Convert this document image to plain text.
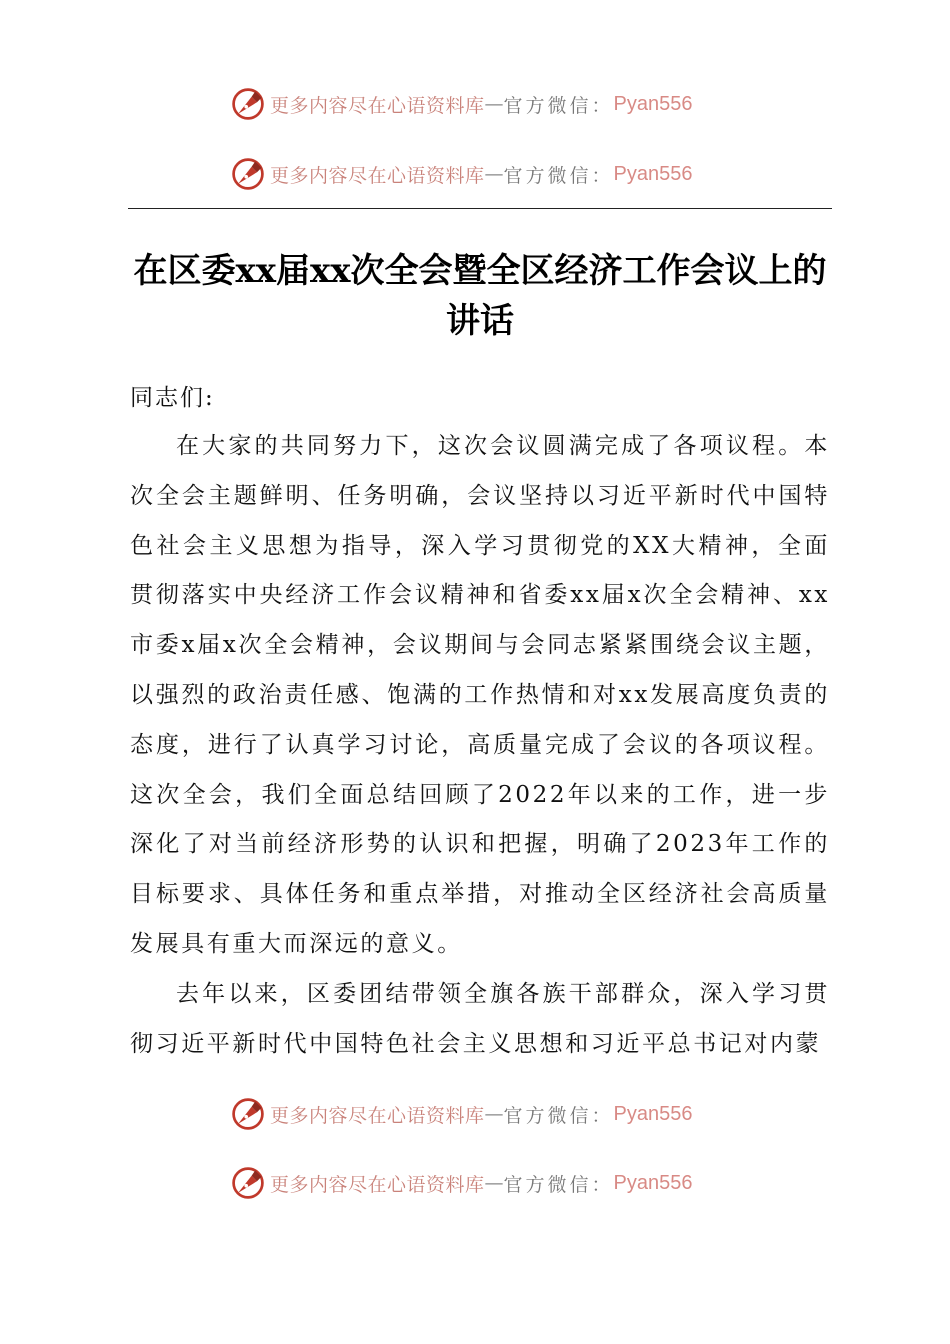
更多内容尽在心语资料库 — 官方微信： Pyan556
更多内容尽在心语资料库 — 官方微信： Pyan556
在区委xx届xx次全会暨全区经济工作会议上的讲话
同志们:

在大家的共同努力下，这次会议圆满完成了各项议程。本次全会主题鲜明、任务明确，会议坚持以习近平新时代中国特色社会主义思想为指导，深入学习贯彻党的XX大精神，全面贯彻落实中央经济工作会议精神和省委xx届x次全会精神、xx市委x届x次全会精神，会议期间与会同志紧紧围绕会议主题，以强烈的政治责任感、饱满的工作热情和对xx发展高度负责的态度，进行了认真学习讨论，高质量完成了会议的各项议程。这次全会，我们全面总结回顾了2022年以来的工作，进一步深化了对当前经济形势的认识和把握，明确了2023年工作的目标要求、具体任务和重点举措，对推动全区经济社会高质量发展具有重大而深远的意义。

去年以来，区委团结带领全旗各族干部群众，深入学习贯彻习近平新时代中国特色社会主义思想和习近平总书记对内蒙

更多内容尽在心语资料库 — 官方微信： Pyan556
更多内容尽在心语资料库 — 官方微信： Pyan556
